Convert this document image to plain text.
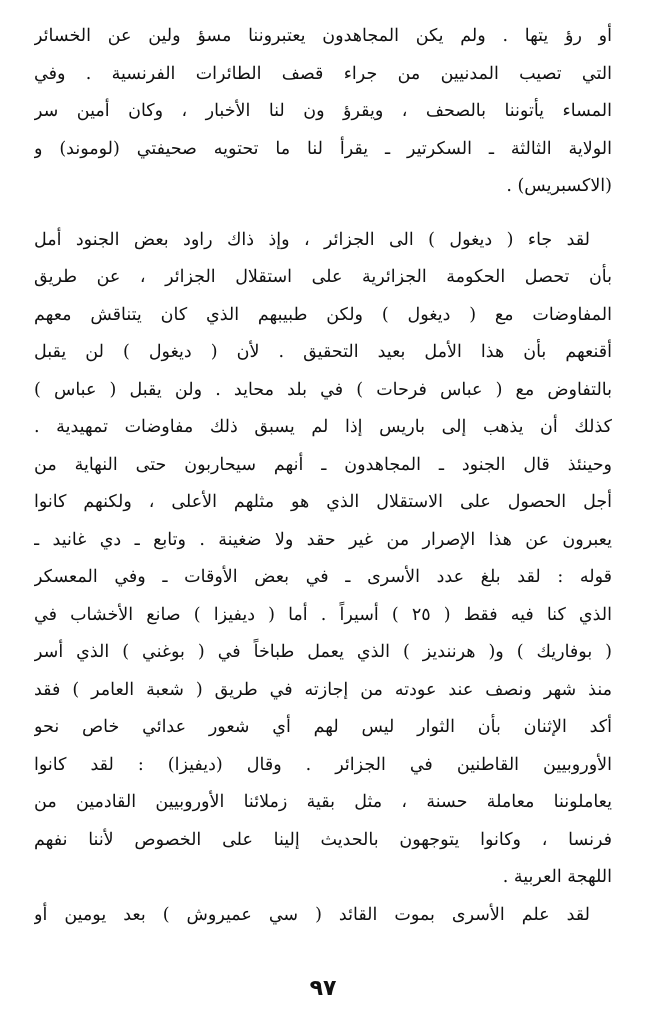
أو رؤ يتها . ولم يكن المجاهدون يعتبروننا مسؤ ولين عن الخسائر
التي تصيب المدنيين من جراء قصف الطائرات الفرنسية . وفي
المساء يأتوننا بالصحف ، ويقرؤ ون لنا الأخبار ، وكان أمين سر
الولاية الثالثة ـ السكرتير ـ يقرأ لنا ما تحتويه صحيفتي (لوموند) و
(الاكسبريس) .
لقد جاء ( ديغول ) الى الجزائر ، وإذ ذاك راود بعض الجنود أمل
بأن تحصل الحكومة الجزائرية على استقلال الجزائر ، عن طريق
المفاوضات مع ( ديغول ) ولكن طبيبهم الذي كان يتناقش معهم
أقنعهم بأن هذا الأمل بعيد التحقيق . لأن ( ديغول ) لن يقبل
بالتفاوض مع ( عباس فرحات ) في بلد محايد . ولن يقبل ( عباس )
كذلك أن يذهب إلى باريس إذا لم يسبق ذلك مفاوضات تمهيدية .
وحينئذ قال الجنود ـ المجاهدون ـ أنهم سيحاربون حتى النهاية من
أجل الحصول على الاستقلال الذي هو مثلهم الأعلى ، ولكنهم كانوا
يعبرون عن هذا الإصرار من غير حقد ولا ضغينة . وتابع ـ دي غانيد ـ
قوله : لقد بلغ عدد الأسرى ـ في بعض الأوقات ـ وفي المعسكر
الذي كنا فيه فقط ( ٢٥ ) أسيراً . أما ( ديفيزا ) صانع الأخشاب في
( بوفاريك ) و( هرننديز ) الذي يعمل طباخاً في ( بوغني ) الذي أسر
منذ شهر ونصف عند عودته من إجازته في طريق ( شعبة العامر ) فقد
أكد الإثنان بأن الثوار ليس لهم أي شعور عدائي خاص نحو
الأوروبيين القاطنين في الجزائر . وقال (ديفيزا) : لقد كانوا
يعاملوننا معاملة حسنة ، مثل بقية زملائنا الأوروبيين القادمين من
فرنسا ، وكانوا يتوجهون بالحديث إلينا على الخصوص لأننا نفهم
اللهجة العربية .
لقد علم الأسرى بموت القائد ( سي عميروش ) بعد يومين أو
٩٧
